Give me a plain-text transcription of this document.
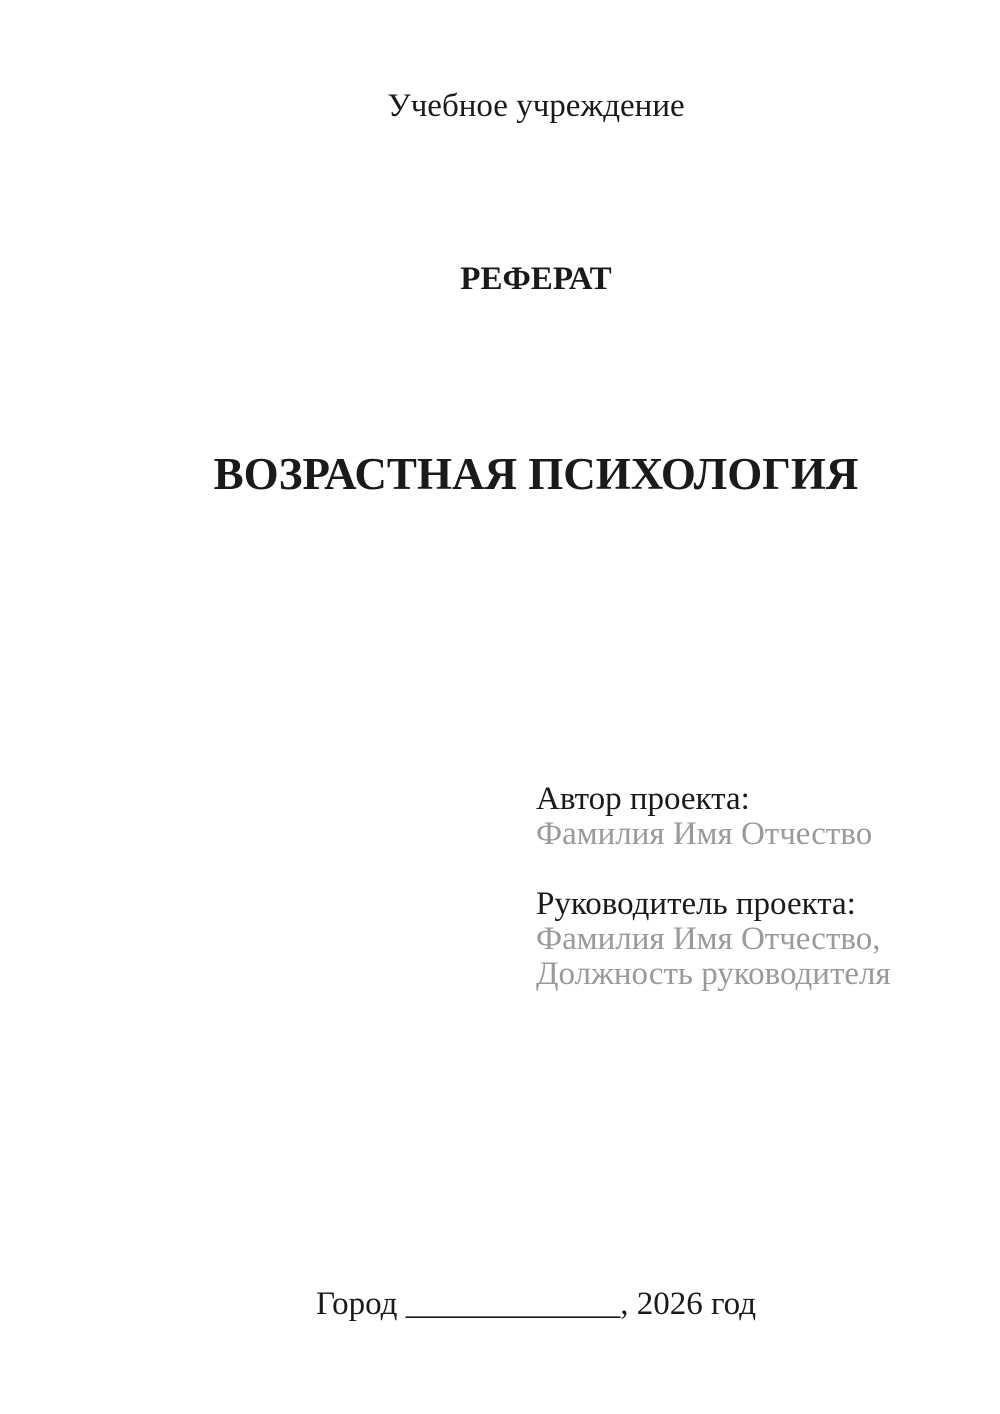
Учебное учреждение
РЕФЕРАТ
ВОЗРАСТНАЯ ПСИХОЛОГИЯ
Автор проекта:
Фамилия Имя Отчество
Руководитель проекта:
Фамилия Имя Отчество,
Должность руководителя
Город _____________, 2026 год
